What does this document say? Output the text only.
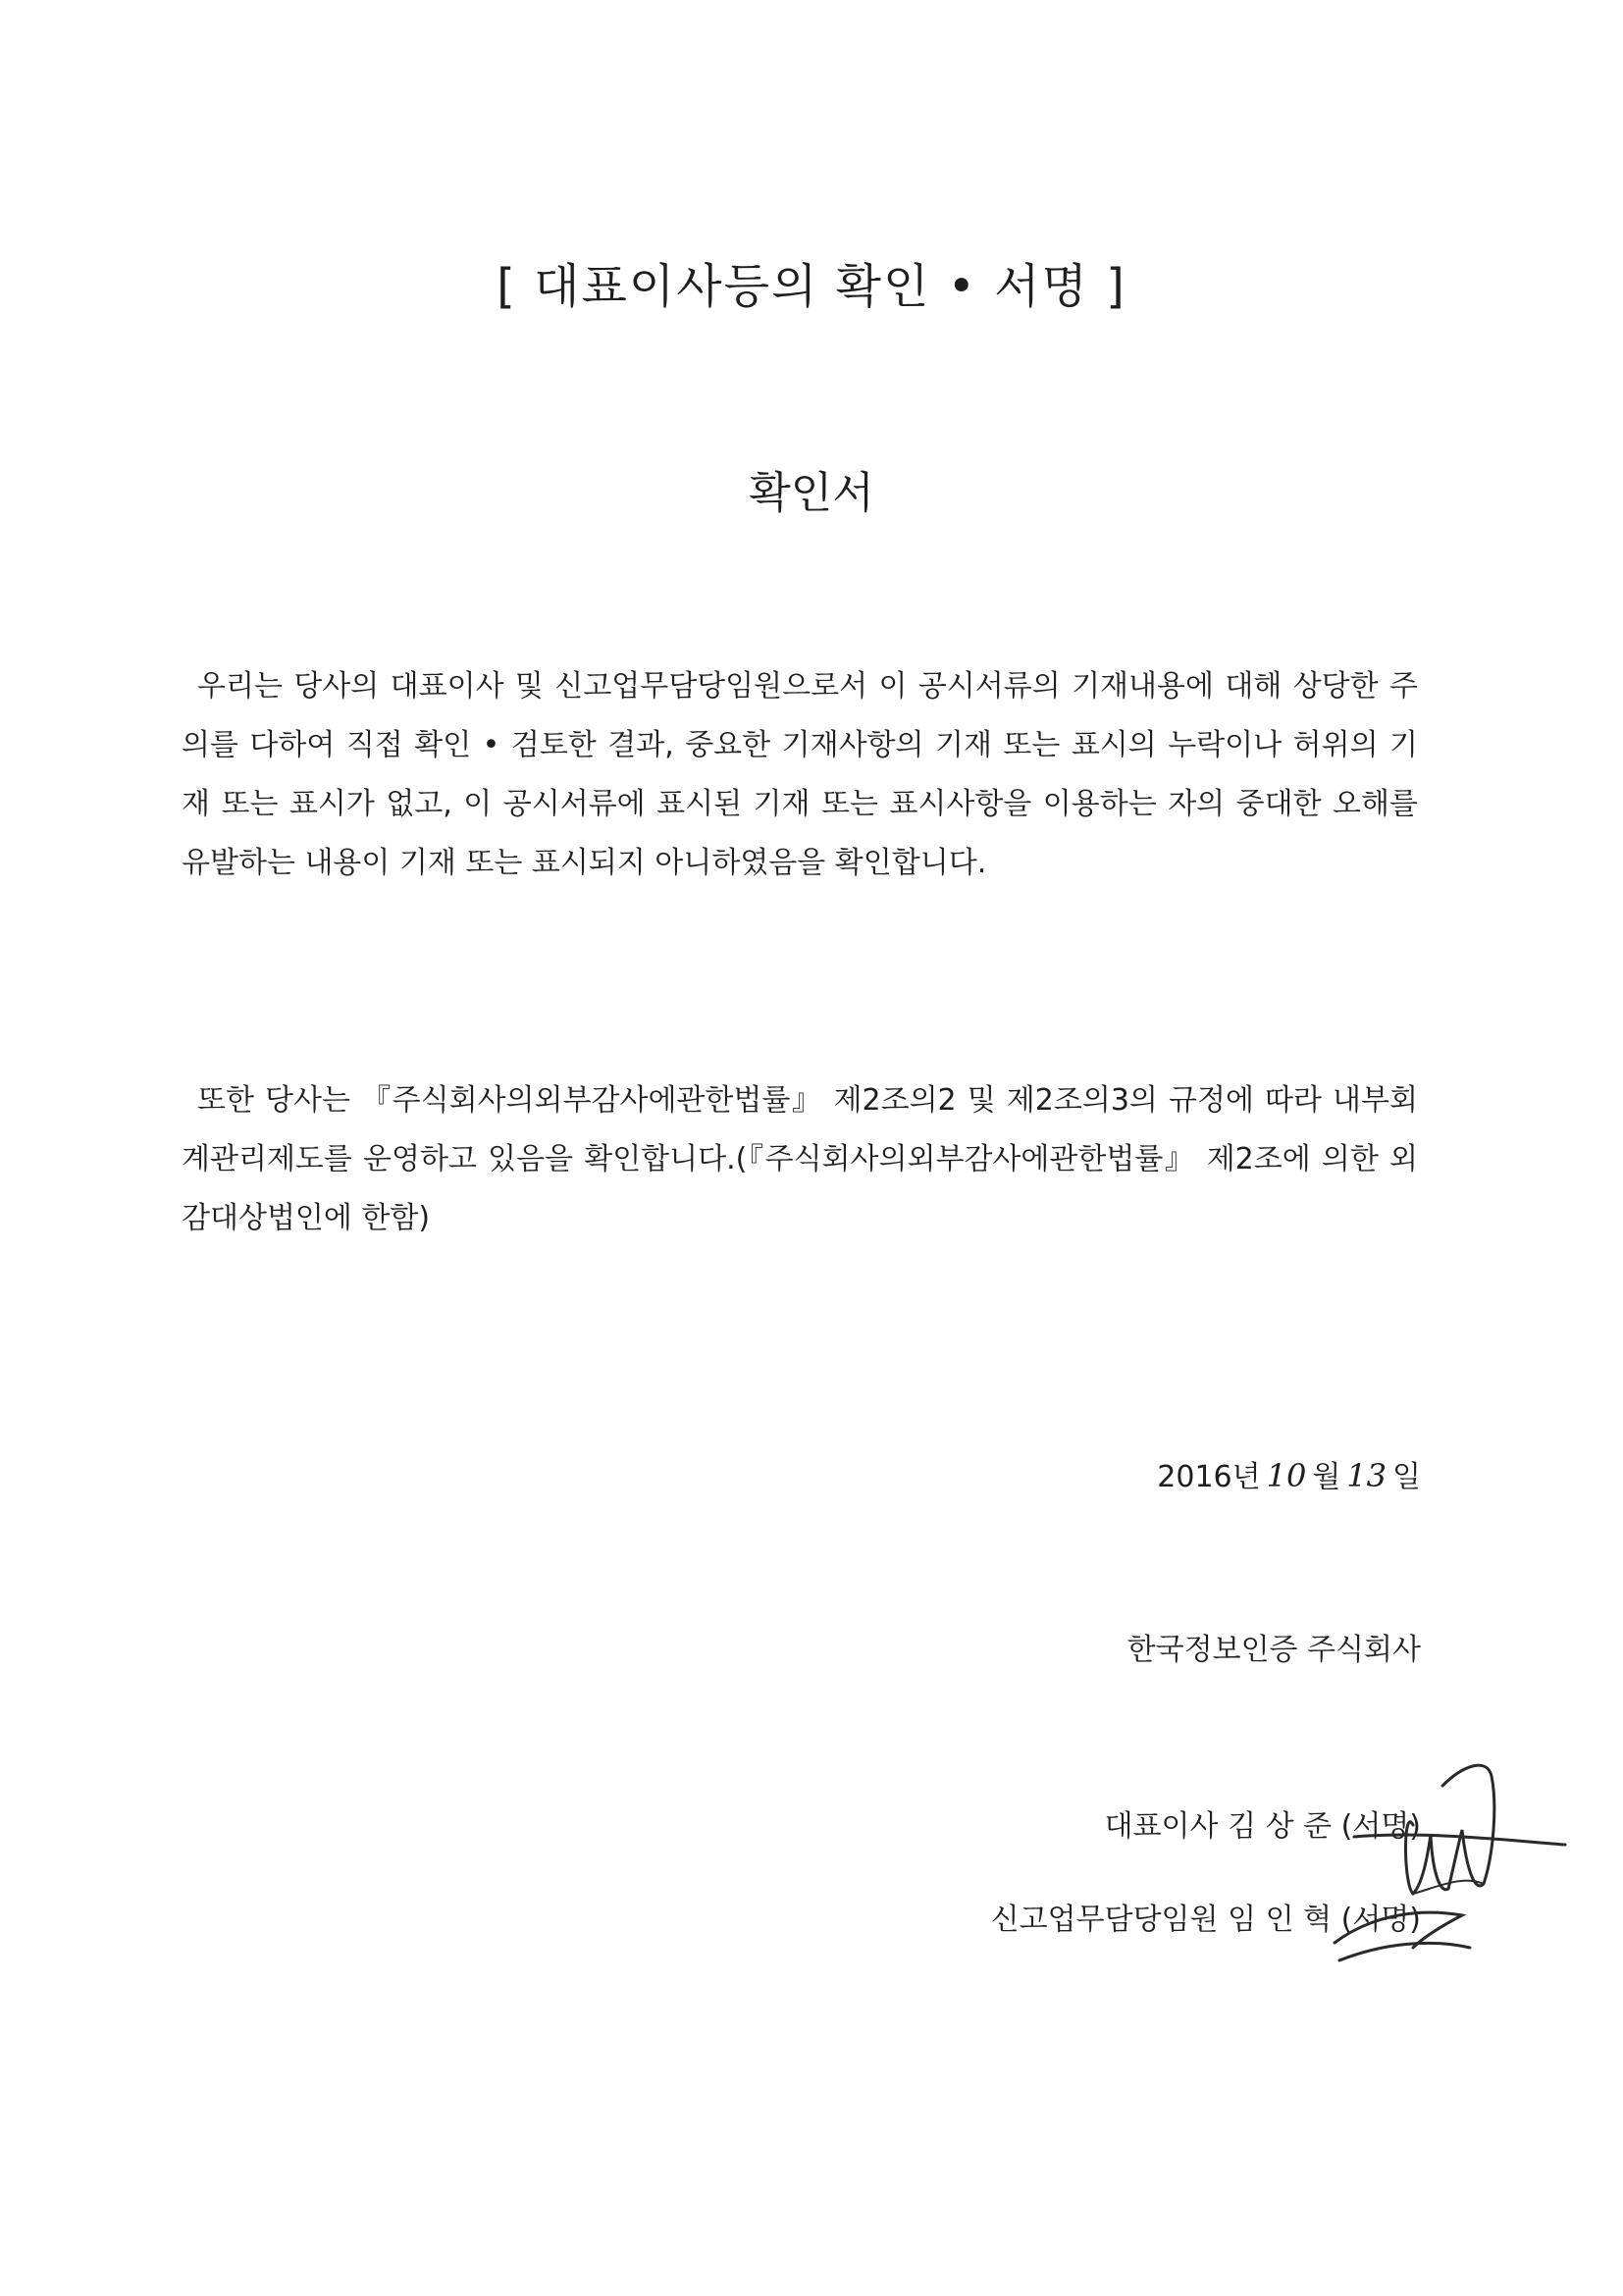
[ 대표이사등의 확인 • 서명 ]
확인서

우리는 당사의 대표이사 및 신고업무담당임원으로서 이 공시서류의 기재내용에 대해 상당한 주의를 다하여 직접 확인 • 검토한 결과, 중요한 기재사항의 기재 또는 표시의 누락이나 허위의 기재 또는 표시가 없고, 이 공시서류에 표시된 기재 또는 표시사항을 이용하는 자의 중대한 오해를 유발하는 내용이 기재 또는 표시되지 아니하였음을 확인합니다.

또한 당사는 『주식회사의외부감사에관한법률』 제2조의2 및 제2조의3의 규정에 따라 내부회계관리제도를 운영하고 있음을 확인합니다.(『주식회사의외부감사에관한법률』 제2조에 의한 외감대상법인에 한함)

2016년 10 월 13 일
한국정보인증 주식회사
대표이사 김 상 준 (서명)
신고업무담당임원 임 인 혁 (서명)
